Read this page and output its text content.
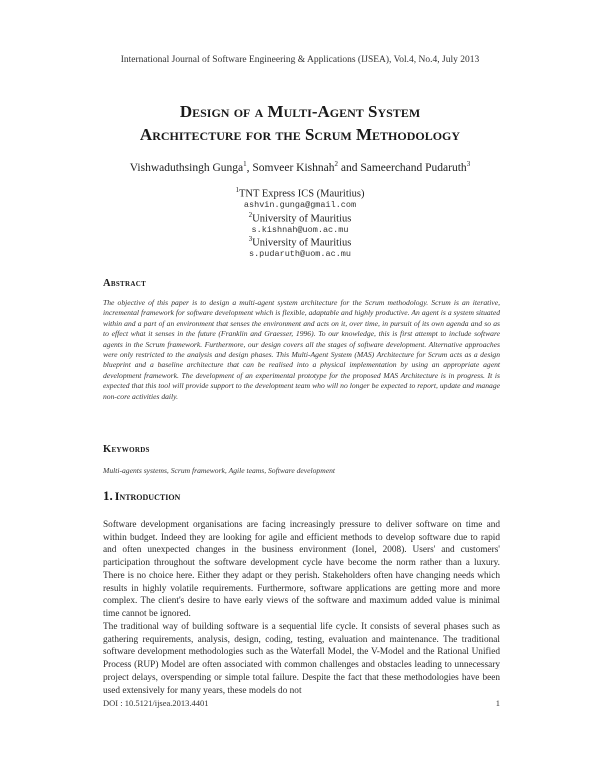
International Journal of Software Engineering & Applications (IJSEA), Vol.4, No.4, July 2013
Design of a Multi-Agent System
Architecture for the Scrum Methodology
Vishwaduthsingh Gunga$^1$, Somveer Kishnah$^2$ and Sameerchand Pudaruth$^3$
$^1$TNT Express ICS (Mauritius)
ashvin.gunga@gmail.com
$^2$University of Mauritius
s.kishnah@uom.ac.mu
$^3$University of Mauritius
s.pudaruth@uom.ac.mu
Abstract
The objective of this paper is to design a multi-agent system architecture for the Scrum methodology. Scrum is an iterative, incremental framework for software development which is flexible, adaptable and highly productive. An agent is a system situated within and a part of an environment that senses the environment and acts on it, over time, in pursuit of its own agenda and so as to effect what it senses in the future (Franklin and Graesser, 1996). To our knowledge, this is first attempt to include software agents in the Scrum framework. Furthermore, our design covers all the stages of software development. Alternative approaches were only restricted to the analysis and design phases. This Multi-Agent System (MAS) Architecture for Scrum acts as a design blueprint and a baseline architecture that can be realised into a physical implementation by using an appropriate agent development framework. The development of an experimental prototype for the proposed MAS Architecture is in progress. It is expected that this tool will provide support to the development team who will no longer be expected to report, update and manage non-core activities daily.
Keywords
Multi-agents systems, Scrum framework, Agile teams, Software development
1. Introduction
Software development organisations are facing increasingly pressure to deliver software on time and within budget. Indeed they are looking for agile and efficient methods to develop software due to rapid and often unexpected changes in the business environment (Ionel, 2008). Users' and customers' participation throughout the software development cycle have become the norm rather than a luxury. There is no choice here. Either they adapt or they perish. Stakeholders often have changing needs which results in highly volatile requirements. Furthermore, software applications are getting more and more complex. The client's desire to have early views of the software and maximum added value is minimal time cannot be ignored.
The traditional way of building software is a sequential life cycle. It consists of several phases such as gathering requirements, analysis, design, coding, testing, evaluation and maintenance. The traditional software development methodologies such as the Waterfall Model, the V-Model and the Rational Unified Process (RUP) Model are often associated with common challenges and obstacles leading to unnecessary project delays, overspending or simple total failure. Despite the fact that these methodologies have been used extensively for many years, these models do not
DOI : 10.5121/ijsea.2013.4401	1
